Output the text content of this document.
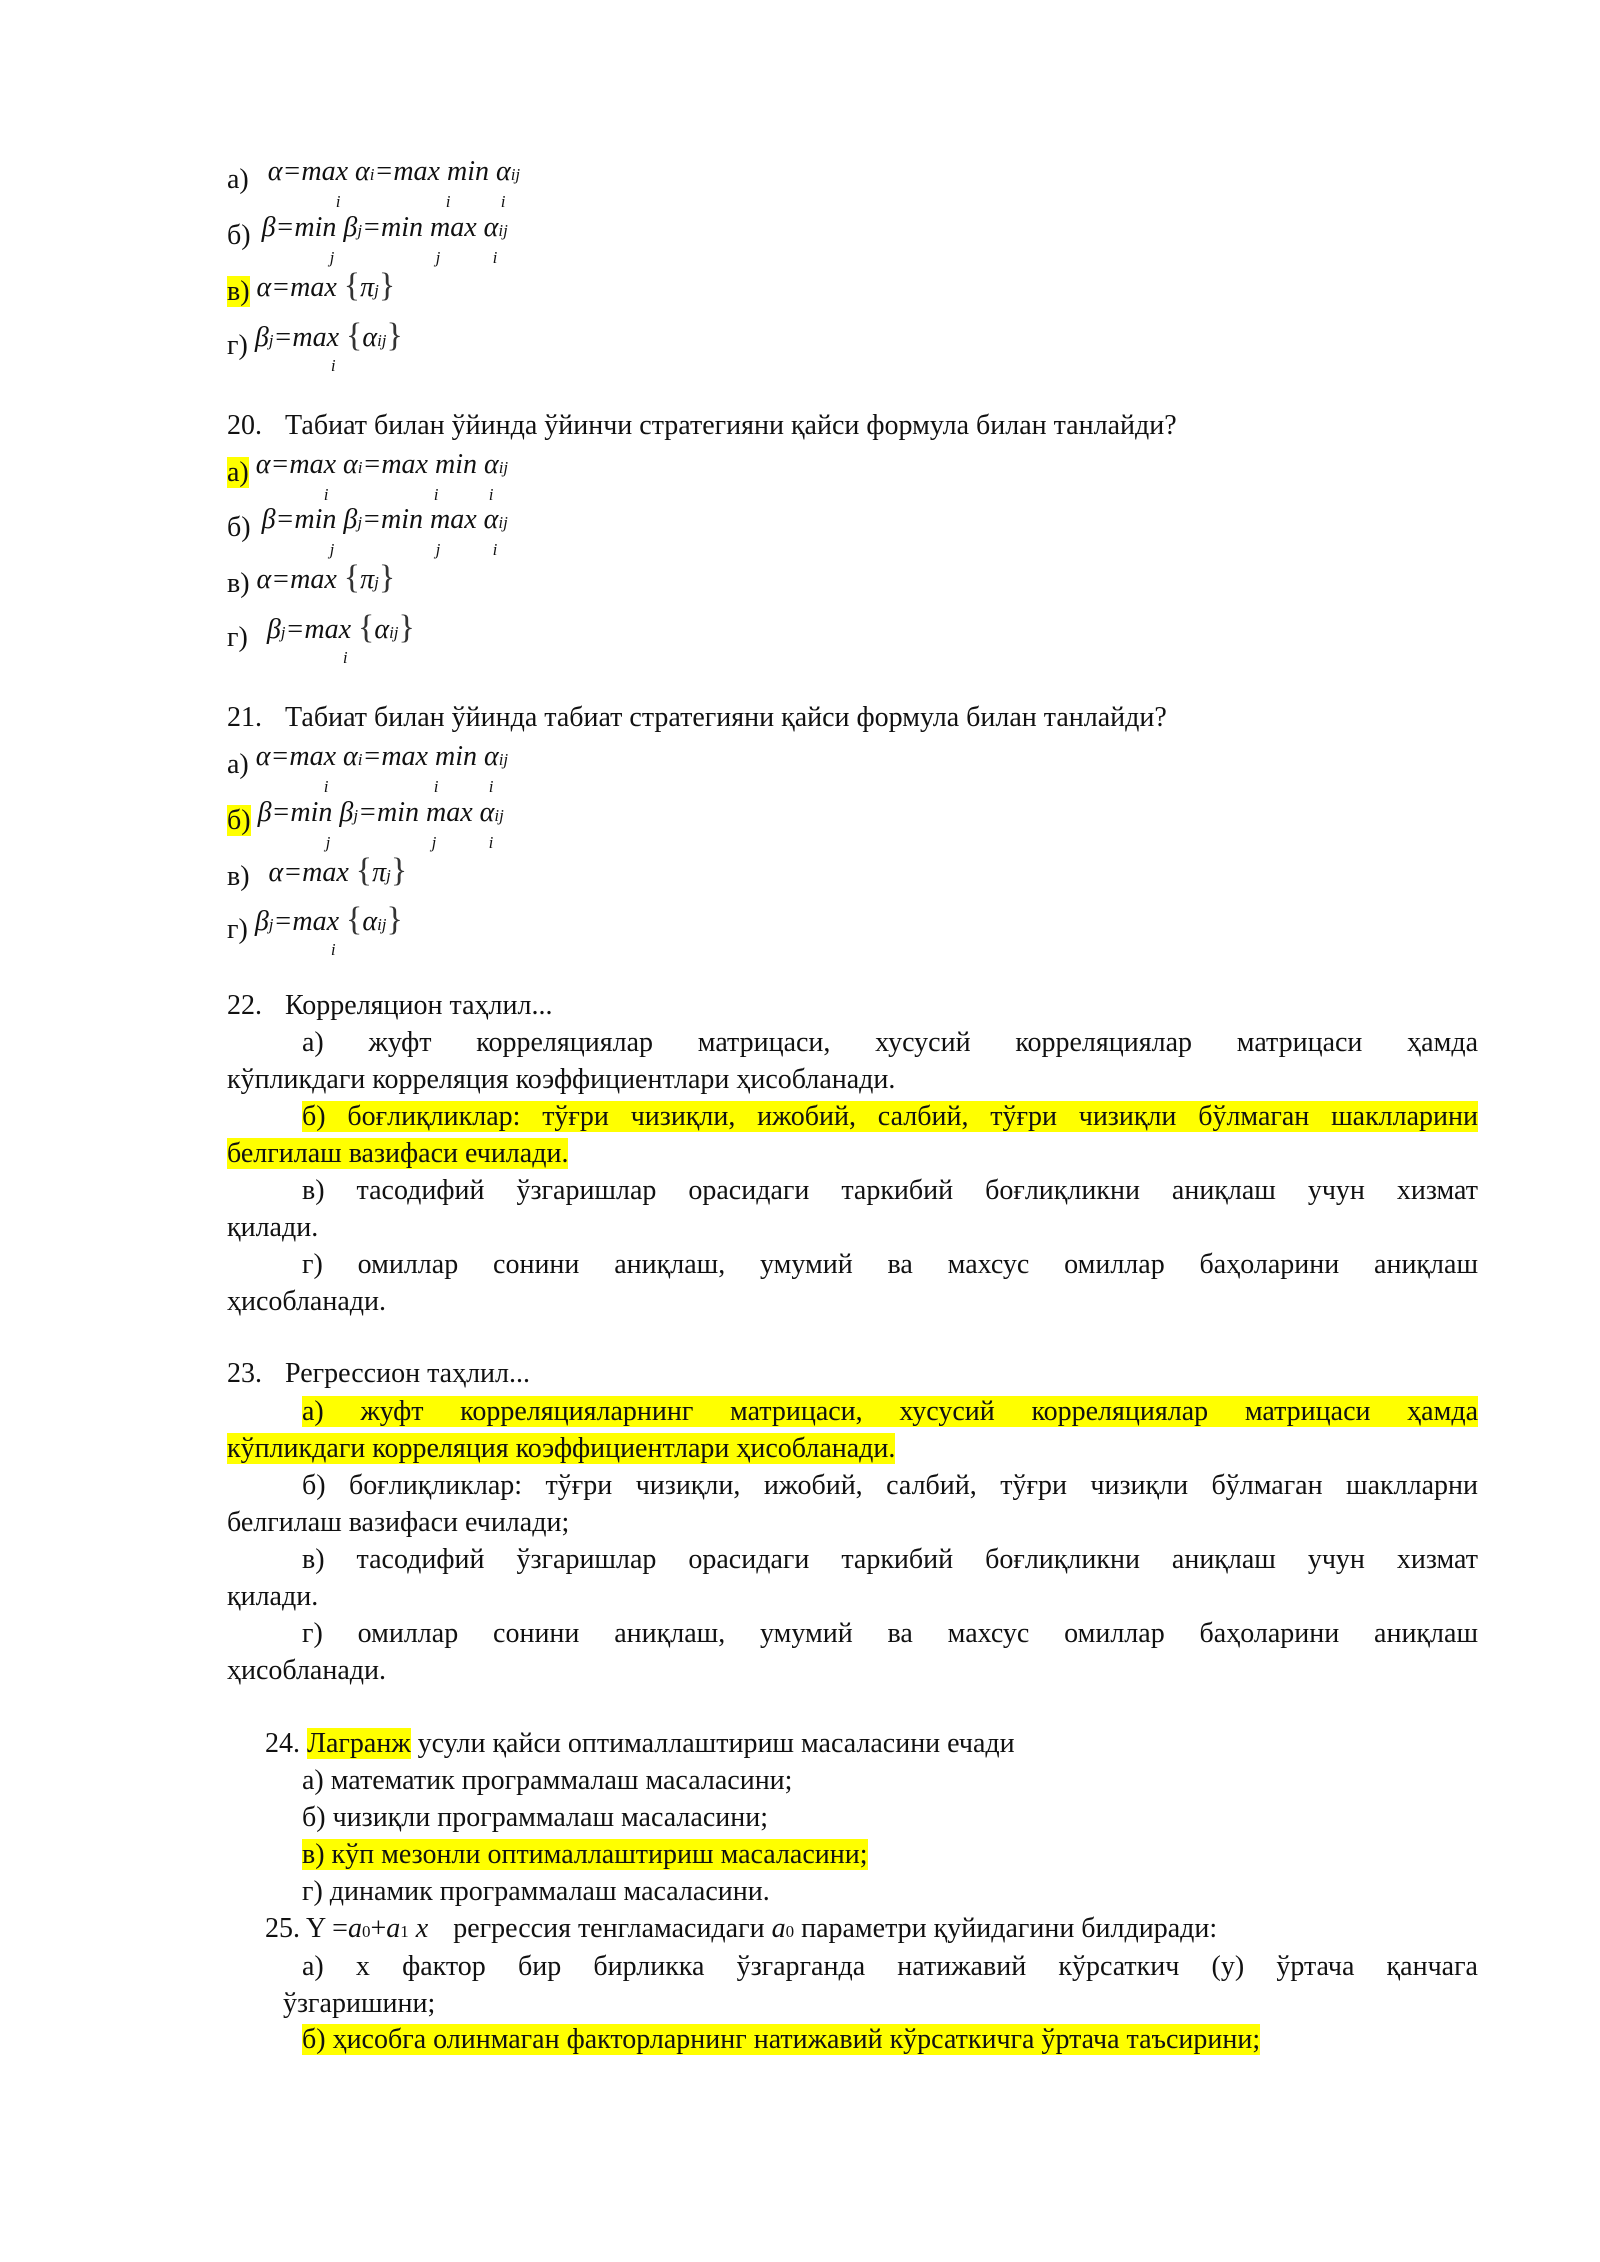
а) α=max αi=max min αij
i	i	i
б) β=min βj=min max αij
j	j	i
в) α=max {πj}
г) βj=max {αij}
i
20. Табиат билан ўйинда ўйинчи стратегияни қайси формула билан танлайди?
а) α=max αi=max min αij
i	i	i
б) β=min βj=min max αij
j	j	i
в) α=max {πj}
г) βj=max {αij}
i
21. Табиат билан ўйинда табиат стратегияни қайси формула билан танлайди?
а) α=max αi=max min αij
i	i	i
б) β=min βj=min max αij
j	j	i
в) α=max {πj}
г) βj=max {αij}
i
22. Корреляцион таҳлил...
а) жуфт корреляциялар матрицаси, хусусий корреляциялар матрицаси ҳамда
кўпликдаги корреляция коэффициентлари ҳисобланади.
б) боғлиқликлар: тўғри чизиқли, ижобий, салбий, тўғри чизиқли бўлмаган шаклларини
белгилаш вазифаси ечилади.
в) тасодифий ўзгаришлар орасидаги таркибий боғлиқликни аниқлаш учун хизмат
қилади.
г) омиллар сонини аниқлаш, умумий ва махсус омиллар баҳоларини аниқлаш
ҳисобланади.
23. Регрессион таҳлил...
а) жуфт корреляцияларнинг матрицаси, хусусий корреляциялар матрицаси ҳамда
кўпликдаги корреляция коэффициентлари ҳисобланади.
б) боғлиқликлар: тўғри чизиқли, ижобий, салбий, тўғри чизиқли бўлмаган шаклларни
белгилаш вазифаси ечилади;
в) тасодифий ўзгаришлар орасидаги таркибий боғлиқликни аниқлаш учун хизмат
қилади.
г) омиллар сонини аниқлаш, умумий ва махсус омиллар баҳоларини аниқлаш
ҳисобланади.
24. Лагранж усули қайси оптималлаштириш масаласини ечади
а) математик программалаш масаласини;
б) чизиқли программалаш масаласини;
в) кўп мезонли оптималлаштириш масаласини;
г) динамик программалаш масаласини.
25. Y =a0+a1 x регрессия тенгламасидаги a0 параметри қуйидагини билдиради:
а) х фактор бир бирликка ўзгарганда натижавий кўрсаткич (у) ўртача қанчага
ўзгаришини;
б) ҳисобга олинмаган факторларнинг натижавий кўрсаткичга ўртача таъсирини;
